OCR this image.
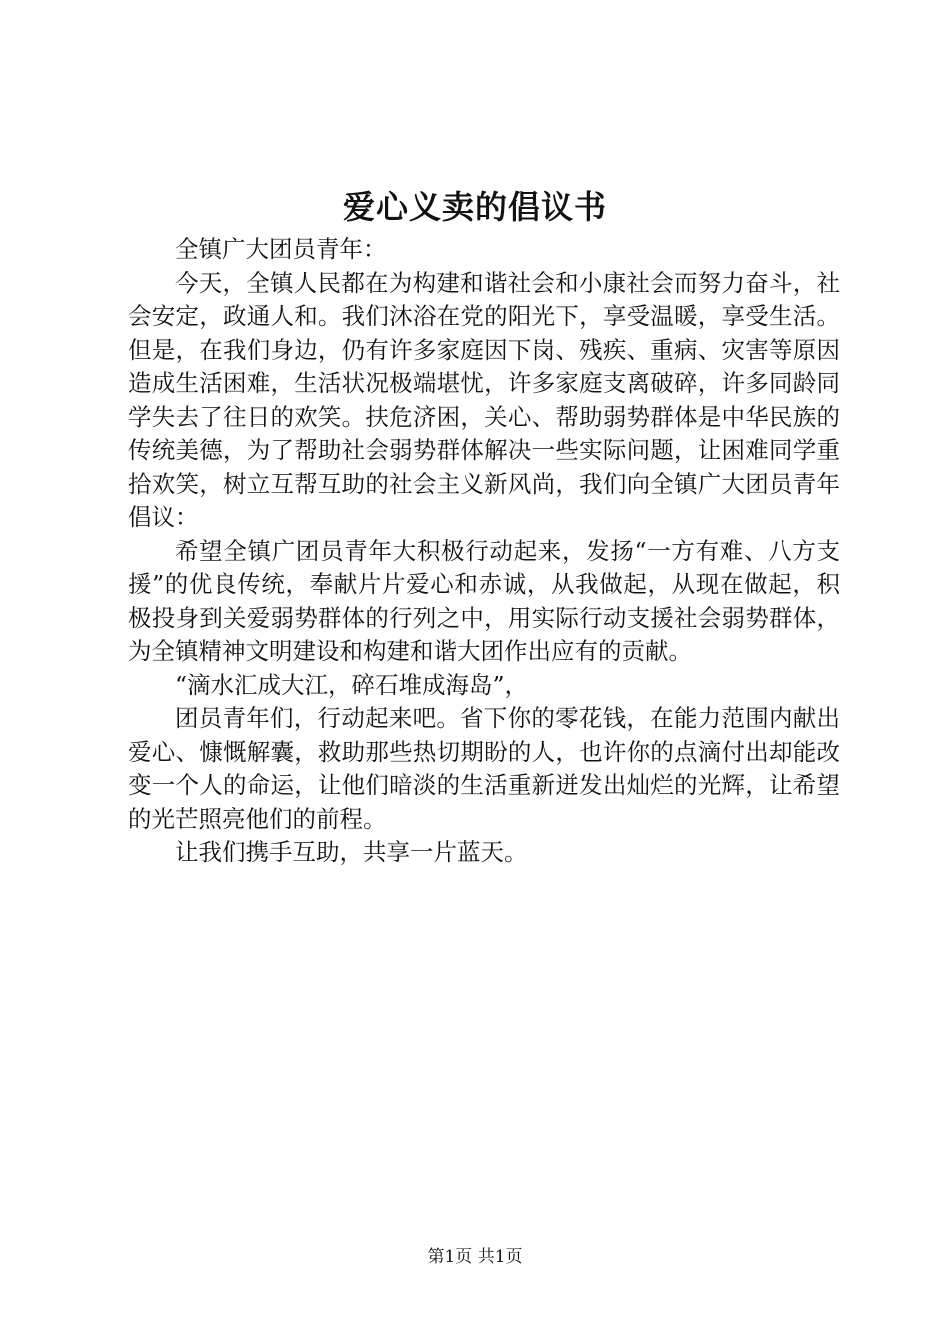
爱心义卖的倡议书

全镇广大团员青年：

今天，全镇人民都在为构建和谐社会和小康社会而努力奋斗，社会安定，政通人和。我们沐浴在党的阳光下，享受温暖，享受生活。但是，在我们身边，仍有许多家庭因下岗、残疾、重病、灾害等原因造成生活困难，生活状况极端堪忧，许多家庭支离破碎，许多同龄同学失去了往日的欢笑。扶危济困，关心、帮助弱势群体是中华民族的传统美德，为了帮助社会弱势群体解决一些实际问题，让困难同学重拾欢笑，树立互帮互助的社会主义新风尚，我们向全镇广大团员青年倡议：

希望全镇广团员青年大积极行动起来，发扬“一方有难、八方支援”的优良传统，奉献片片爱心和赤诚，从我做起，从现在做起，积极投身到关爱弱势群体的行列之中，用实际行动支援社会弱势群体，为全镇精神文明建设和构建和谐大团作出应有的贡献。

“滴水汇成大江，碎石堆成海岛”，

团员青年们，行动起来吧。省下你的零花钱，在能力范围内献出爱心、慷慨解囊，救助那些热切期盼的人，也许你的点滴付出却能改变一个人的命运，让他们暗淡的生活重新迸发出灿烂的光辉，让希望的光芒照亮他们的前程。

让我们携手互助，共享一片蓝天。

第1页 共1页
